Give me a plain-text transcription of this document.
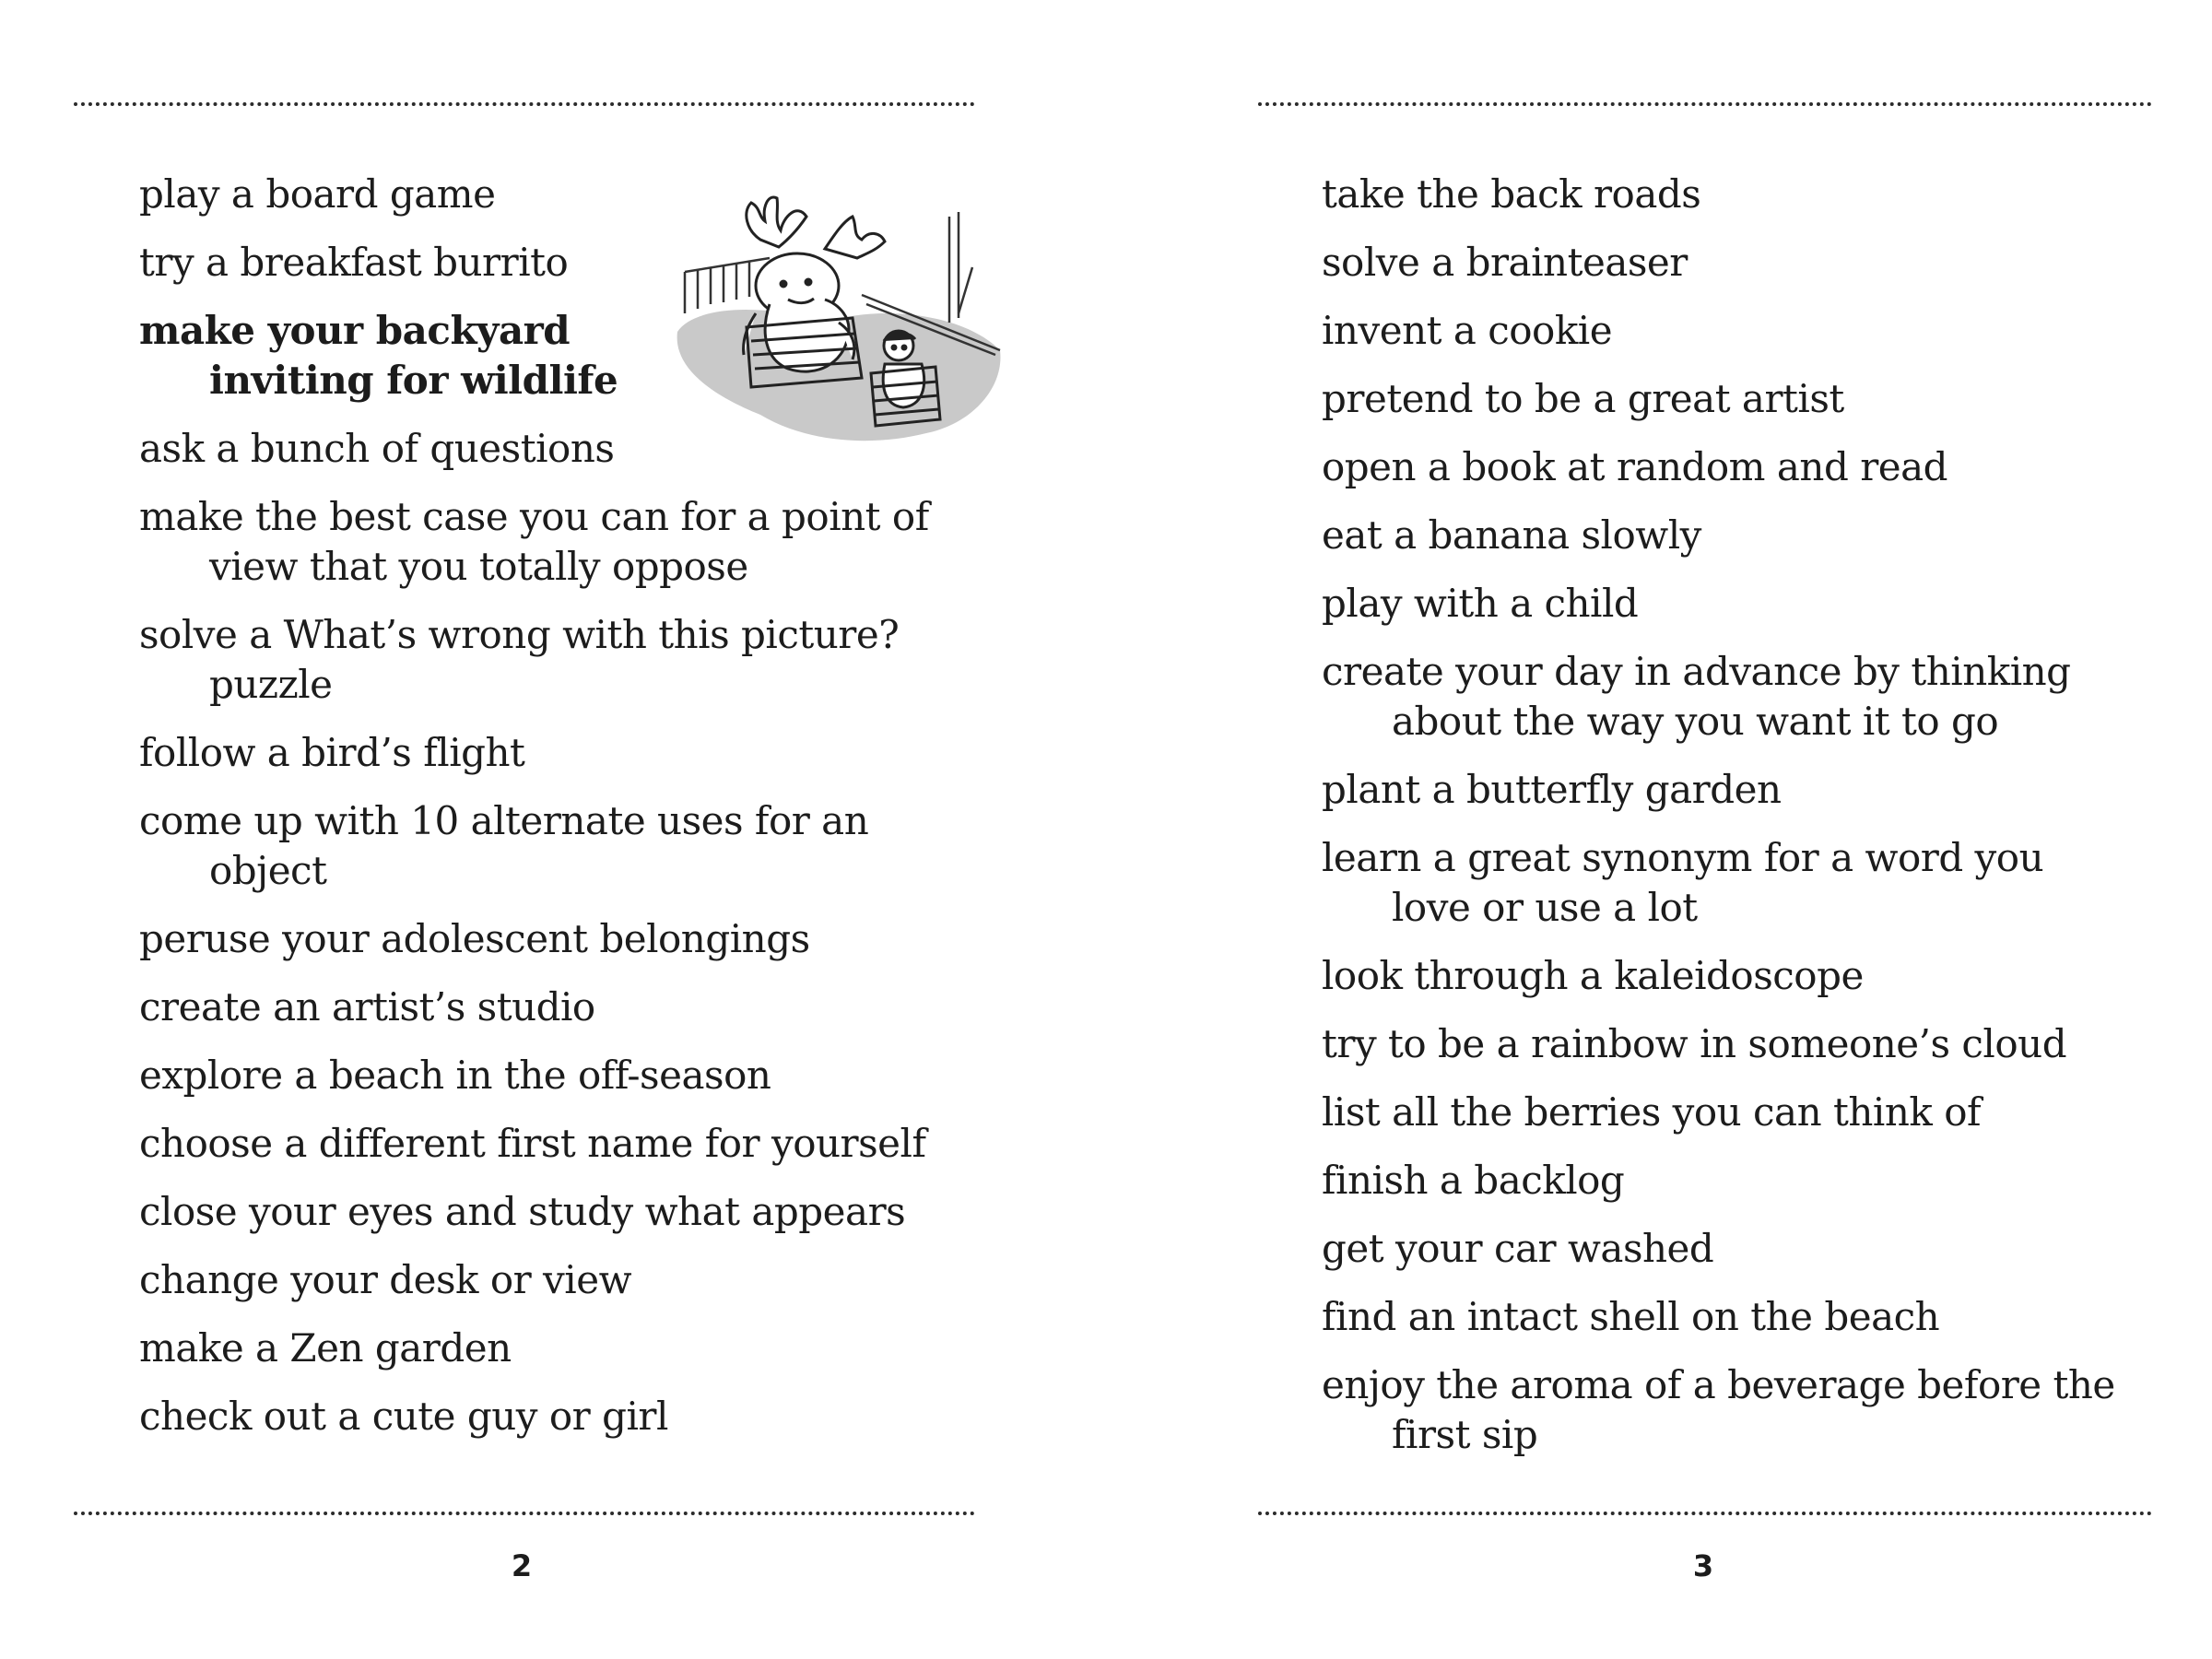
play a board game
try a breakfast burrito
make your backyard inviting for wildlife
ask a bunch of questions
make the best case you can for a point of view that you totally oppose
solve a What’s wrong with this picture? puzzle
follow a bird’s flight
come up with 10 alternate uses for an object
peruse your adolescent belongings
create an artist’s studio
explore a beach in the off-season
choose a different first name for yourself
close your eyes and study what appears
change your desk or view
make a Zen garden
check out a cute guy or girl
2
take the back roads
solve a brainteaser
invent a cookie
pretend to be a great artist
open a book at random and read
eat a banana slowly
play with a child
create your day in advance by thinking about the way you want it to go
plant a butterfly garden
learn a great synonym for a word you love or use a lot
look through a kaleidoscope
try to be a rainbow in someone’s cloud
list all the berries you can think of
finish a backlog
get your car washed
find an intact shell on the beach
enjoy the aroma of a beverage before the first sip
3
